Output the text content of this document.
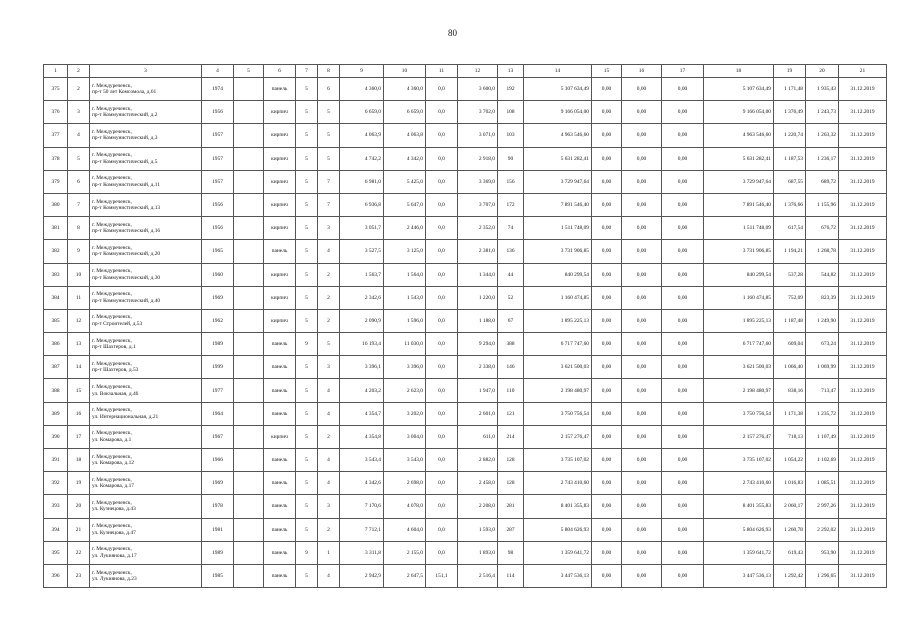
80
1	2	3	4	5	6	7	8	9	10	11	12	13	14	15	16	17	18	19	20	21
375	2	г. Междуреченск,
пр-т 50 лет Комсомола, д.61	1974		панель	5	6	4 360,0	4 360,0	0,0	3 600,0	192	5 107 634,49	0,00	0,00	0,00	5 107 634,49	1 171,48	1 935,43	31.12.2019
376	3	г. Междуреченск,
пр-т Коммунистический, д.2	1956		кирпич	5	5	6 659,0	6 659,0	0,0	3 702,0	108	9 166 054,00	0,00	0,00	0,00	9 166 054,00	1 376,49	1 243,73	31.12.2019
377	4	г. Междуреченск,
пр-т Коммунистический, д.3	1957		кирпич	5	5	4 063,9	4 063,8	0,0	3 071,0	103	4 963 546,60	0,00	0,00	0,00	4 963 546,60	1 220,74	1 263,32	31.12.2019
378	5	г. Междуреченск,
пр-т Коммунистический, д.5	1957		кирпич	5	5	4 742,2	4 342,0	0,0	2 918,0	90	5 631 282,41	0,00	0,00	0,00	5 631 282,41	1 187,53	1 236,17	31.12.2019
379	6	г. Междуреченск,
пр-т Коммунистический, д.11	1957		кирпич	5	7	6 981,0	5 425,0	0,0	3 369,0	156	3 729 947,64	0,00	0,00	0,00	3 729 947,64	687,55	689,72	31.12.2019
380	7	г. Междуреченск,
пр-т Коммунистический, д.13	1956		кирпич	5	7	6 936,8	5 647,0	0,0	3 707,0	172	7 891 546,40	0,00	0,00	0,00	7 891 546,40	1 376,66	1 155,96	31.12.2019
381	8	г. Междуреченск,
пр-т Коммунистический, д.16	1956		кирпич	5	3	3 051,7	2 446,0	0,0	2 352,0	74	1 511 748,09	0,00	0,00	0,00	1 511 748,09	617,54	676,72	31.12.2019
382	9	г. Междуреченск,
пр-т Коммунистический, д.20	1965		панель	5	4	3 527,5	3 125,0	0,0	2 381,0	136	3 731 906,85	0,00	0,00	0,00	3 731 906,85	1 194,21	1 268,78	31.12.2019
383	10	г. Междуреченск,
пр-т Коммунистический, д.30	1960		кирпич	5	2	1 563,7	1 564,0	0,0	1 344,0	44	840 299,54	0,00	0,00	0,00	840 299,54	537,28	544,82	31.12.2019
384	11	г. Междуреченск,
пр-т Коммунистический, д.40	1969		кирпич	5	2	2 342,6	1 543,0	0,0	1 220,0	52	1 160 474,85	0,00	0,00	0,00	1 160 474,85	752,09	823,39	31.12.2019
385	12	г. Междуреченск,
пр-т Строителей, д.53	1962		кирпич	5	2	2 090,9	1 596,0	0,0	1 188,0	67	1 895 225,13	0,00	0,00	0,00	1 895 225,13	1 187,48	1 249,90	31.12.2019
386	13	г. Междуреченск,
пр-т Шахтеров, д.1	1989		панель	9	5	16 193,4	11 030,0	0,0	9 294,0	388	6 717 747,60	0,00	0,00	0,00	6 717 747,60	609,04	673,24	31.12.2019
387	14	г. Междуреченск,
пр-т Шахтеров, д.53	1999		панель	5	3	3 396,1	3 396,0	0,0	2 338,0	146	3 621 500,03	0,00	0,00	0,00	3 621 500,03	1 066,40	1 069,99	31.12.2019
388	15	г. Междуреченск,
ул. Вокзальная, д.46	1977		панель	5	4	4 203,2	2 623,0	0,0	1 947,0	110	2 198 480,97	0,00	0,00	0,00	2 198 480,97	838,16	713,47	31.12.2019
389	16	г. Междуреченск,
ул. Интернациональная, д.21	1964		панель	5	4	4 354,7	3 202,0	0,0	2 601,0	121	3 750 756,54	0,00	0,00	0,00	3 750 756,54	1 171,38	1 235,72	31.12.2019
390	17	г. Междуреченск,
ул. Комарова, д.1	1967		кирпич	5	2	4 354,8	3 004,0	0,0	611,0	214	2 157 276,47	0,00	0,00	0,00	2 157 276,47	718,13	1 107,49	31.12.2019
391	18	г. Междуреченск,
ул. Комарова, д.12	1966		панель	5	4	3 543,4	3 543,0	0,0	2 882,0	128	3 735 107,02	0,00	0,00	0,00	3 735 107,02	1 054,22	1 102,69	31.12.2019
392	19	г. Междуреченск,
ул. Комарова, д.17	1969		панель	5	4	4 342,6	2 698,0	0,0	2 458,0	128	2 743 410,60	0,00	0,00	0,00	2 743 410,60	1 016,83	1 085,51	31.12.2019
393	20	г. Междуреченск,
ул. Кузнецова, д.43	1978		панель	5	3	7 170,6	4 078,0	0,0	2 208,0	281	8 401 355,83	0,00	0,00	0,00	8 401 355,83	2 060,17	2 997,26	31.12.2019
394	21	г. Междуреченск,
ул. Кузнецова, д.47	1981		панель	5	2	7 712,1	4 604,0	0,0	1 593,0	287	5 804 626,93	0,00	0,00	0,00	5 804 626,93	1 260,78	2 292,02	31.12.2019
395	22	г. Междуреченск,
ул. Лукиянова, д.17	1989		панель	9	1	3 311,8	2 155,0	0,0	1 893,0	98	1 359 641,72	0,00	0,00	0,00	1 359 641,72	619,43	953,90	31.12.2019
396	23	г. Междуреченск,
ул. Лукиянова, д.23	1985		панель	5	4	2 942,9	2 647,5	151,1	2 516,4	114	3 447 536,13	0,00	0,00	0,00	3 447 536,13	1 292,42	1 296,65	31.12.2019
